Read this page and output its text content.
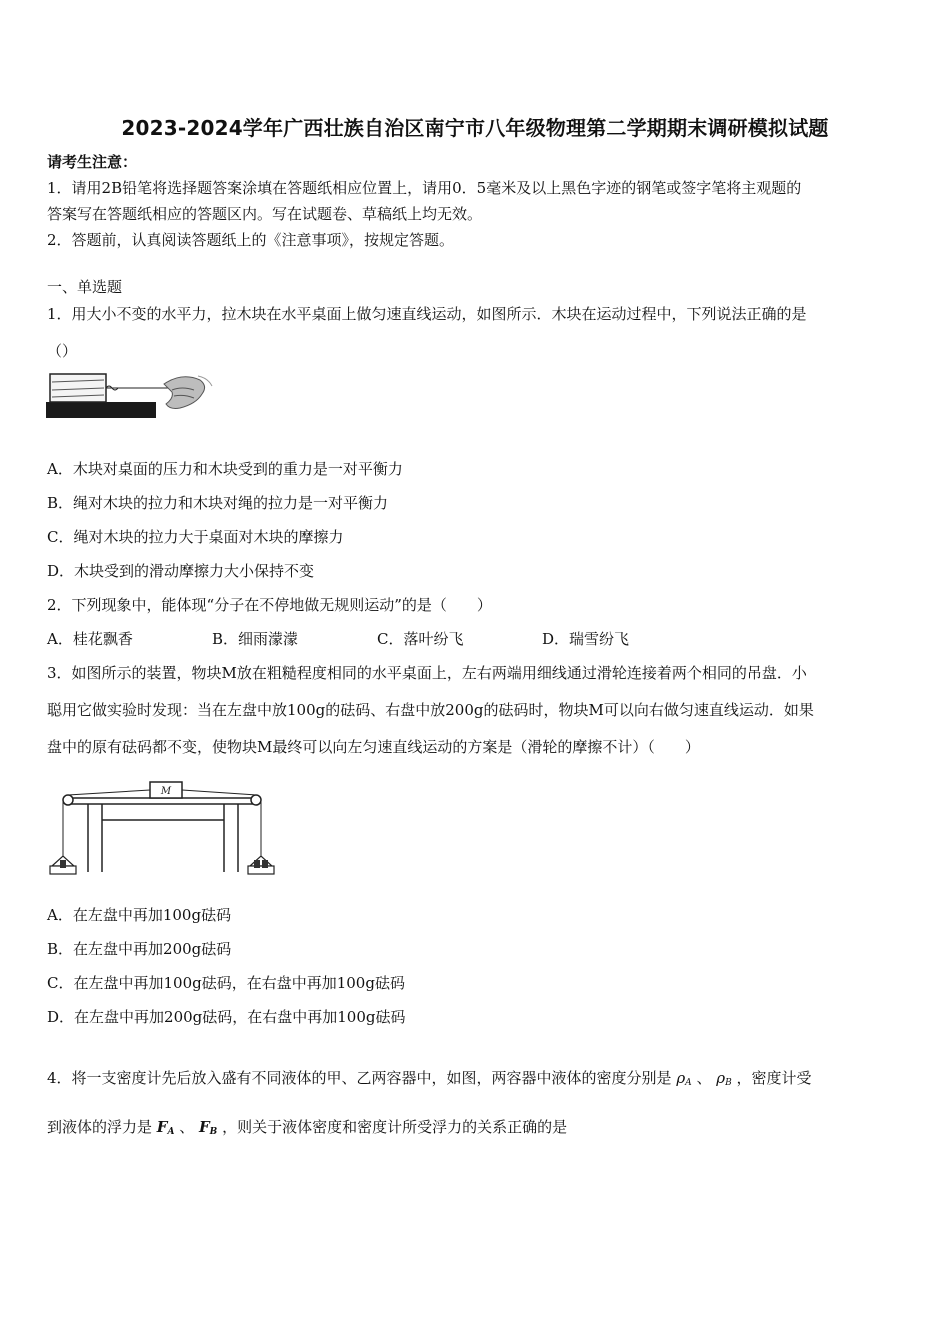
2023-2024学年广西壮族自治区南宁市八年级物理第二学期期末调研模拟试题
请考生注意：
1．请用2B铅笔将选择题答案涂填在答题纸相应位置上，请用0．5毫米及以上黑色字迹的钢笔或签字笔将主观题的
答案写在答题纸相应的答题区内。写在试题卷、草稿纸上均无效。
2．答题前，认真阅读答题纸上的《注意事项》，按规定答题。
一、单选题
1．用大小不变的水平力，拉木块在水平桌面上做匀速直线运动，如图所示．木块在运动过程中，下列说法正确的是
（）
A．木块对桌面的压力和木块受到的重力是一对平衡力
B．绳对木块的拉力和木块对绳的拉力是一对平衡力
C．绳对木块的拉力大于桌面对木块的摩擦力
D．木块受到的滑动摩擦力大小保持不变
2．下列现象中，能体现“分子在不停地做无规则运动”的是（　　）
A．桂花飘香	B．细雨濛濛	C．落叶纷飞	D．瑞雪纷飞
3．如图所示的装置，物块M放在粗糙程度相同的水平桌面上，左右两端用细线通过滑轮连接着两个相同的吊盘．小
聪用它做实验时发现：当在左盘中放100g的砝码、右盘中放200g的砝码时，物块M可以向右做匀速直线运动．如果
盘中的原有砝码都不变，使物块M最终可以向左匀速直线运动的方案是（滑轮的摩擦不计）（　　）
M
A．在左盘中再加100g砝码
B．在左盘中再加200g砝码
C．在左盘中再加100g砝码，在右盘中再加100g砝码
D．在左盘中再加200g砝码，在右盘中再加100g砝码
4．将一支密度计先后放入盛有不同液体的甲、乙两容器中，如图，两容器中液体的密度分别是 $\rho_A$ 、 $\rho_B$ ，密度计受
到液体的浮力是 $F_A$ 、 $F_B$ ，则关于液体密度和密度计所受浮力的关系正确的是
